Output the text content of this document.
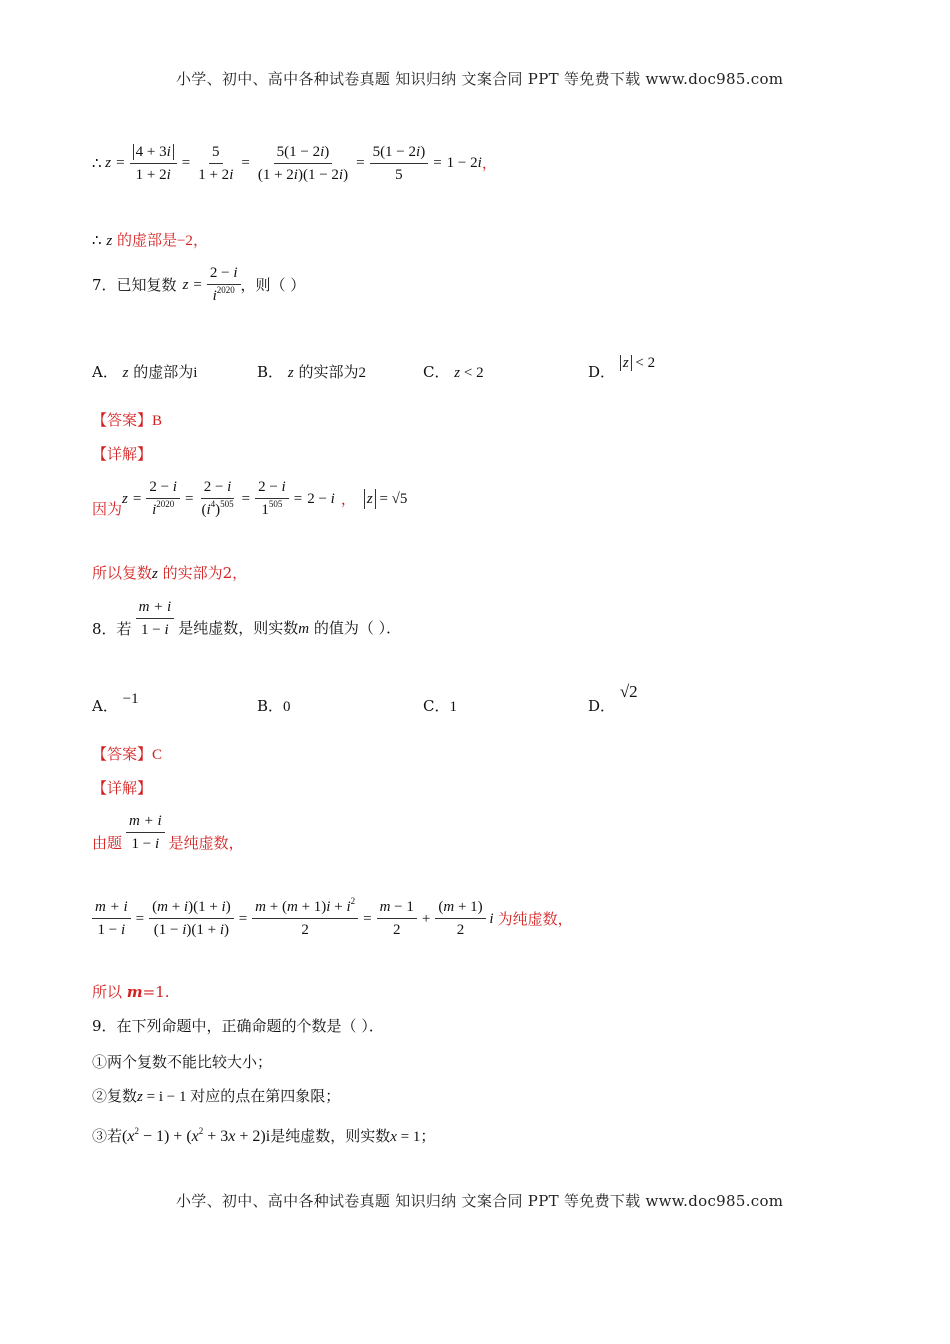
小学、初中、高中各种试卷真题 知识归纳 文案合同 PPT 等免费下载 www.doc985.com
∴ $z = \frac{4 + 3i}{1 + 2i} = \frac{5}{1 + 2i} = \frac{5(1 - 2i)}{(1 + 2i)(1 - 2i)} = \frac{5(1 - 2i)}{5} = 1 - 2i$ ，
∴ z 的虚部是−2，
7． 已知复数 $z = \frac{2 - i}{i^{2020}}$ ，则（ ）
A． z 的虚部为i	B． z 的实部为2	C． z < 2	D． z < 2
【答案】B
【详解】
因为
$z = \frac{2 - i}{i^{2020}} = \frac{2 - i}{(i^4)^{505}} = \frac{2 - i}{1^{505}} = 2 - i$ ， z = √5
所以复数z 的实部为2，
8．若 $\frac{m + i}{1 - i}$ 是纯虚数，则实数m 的值为（ ）．
A． −1	B．0	C．1	D． √2
【答案】C
【详解】
由题 $\frac{m + i}{1 - i}$ 是纯虚数，
$\frac{m + i}{1 - i} = \frac{(m + i)(1 + i)}{(1 - i)(1 + i)} = \frac{m + (m + 1)i + i^2}{2} = \frac{m - 1}{2} + \frac{(m + 1)}{2}$ i 为纯虚数，
所以 m=1.
9．在下列命题中，正确命题的个数是（ ）．
①两个复数不能比较大小；
②复数z = i − 1 对应的点在第四象限；
③若$(x^2 - 1) + (x^2 + 3x + 2)i$是纯虚数，则实数x = 1；
小学、初中、高中各种试卷真题 知识归纳 文案合同 PPT 等免费下载 www.doc985.com
